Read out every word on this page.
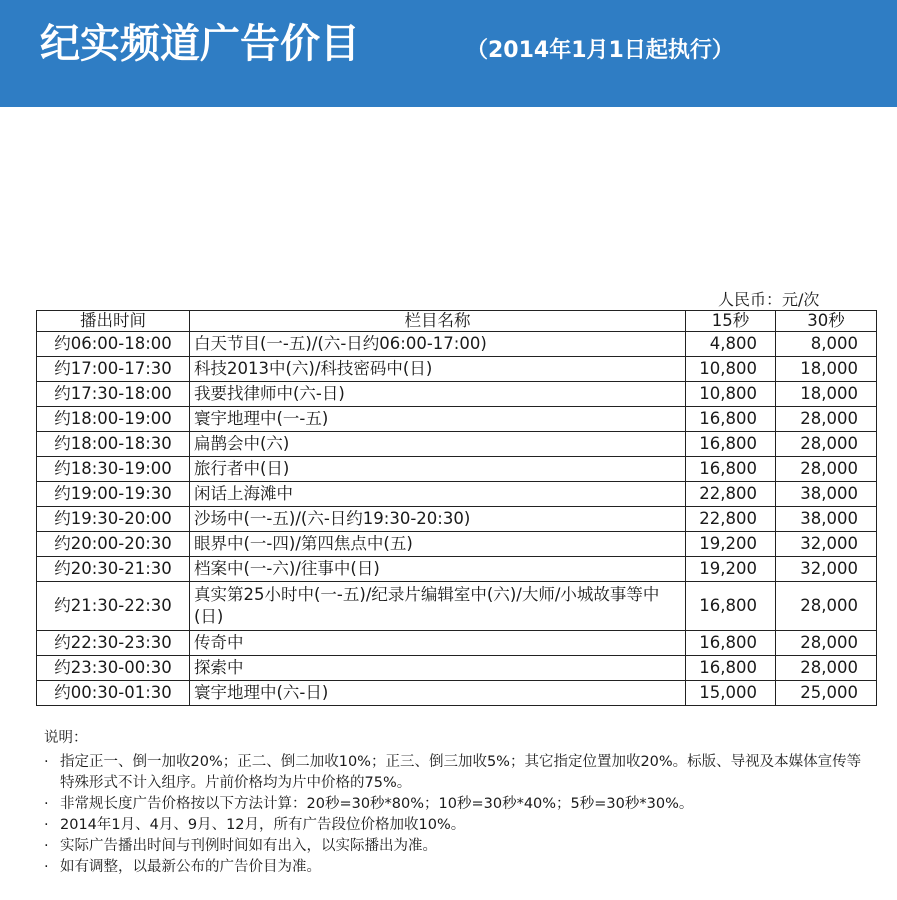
纪实频道广告价目	（2014年1月1日起执行）
人民币：元/次
播出时间	栏目名称	15秒	30秒
约06:00-18:00	白天节目(一-五)/(六-日约06:00-17:00)	4,800	8,000
约17:00-17:30	科技2013中(六)/科技密码中(日)	10,800	18,000
约17:30-18:00	我要找律师中(六-日)	10,800	18,000
约18:00-19:00	寰宇地理中(一-五)	16,800	28,000
约18:00-18:30	扁鹊会中(六)	16,800	28,000
约18:30-19:00	旅行者中(日)	16,800	28,000
约19:00-19:30	闲话上海滩中	22,800	38,000
约19:30-20:00	沙场中(一-五)/(六-日约19:30-20:30)	22,800	38,000
约20:00-20:30	眼界中(一-四)/第四焦点中(五)	19,200	32,000
约20:30-21:30	档案中(一-六)/往事中(日)	19,200	32,000
约21:30-22:30	真实第25小时中(一-五)/纪录片编辑室中(六)/大师/小城故事等中(日)	16,800	28,000
约22:30-23:30	传奇中	16,800	28,000
约23:30-00:30	探索中	16,800	28,000
约00:30-01:30	寰宇地理中(六-日)	15,000	25,000
说明：
· 指定正一、倒一加收20%；正二、倒二加收10%；正三、倒三加收5%；其它指定位置加收20%。标版、导视及本媒体宣传等特殊形式不计入组序。片前价格均为片中价格的75%。
· 非常规长度广告价格按以下方法计算：20秒=30秒*80%；10秒=30秒*40%；5秒=30秒*30%。
· 2014年1月、4月、9月、12月，所有广告段位价格加收10%。
· 实际广告播出时间与刊例时间如有出入，以实际播出为准。
· 如有调整，以最新公布的广告价目为准。
